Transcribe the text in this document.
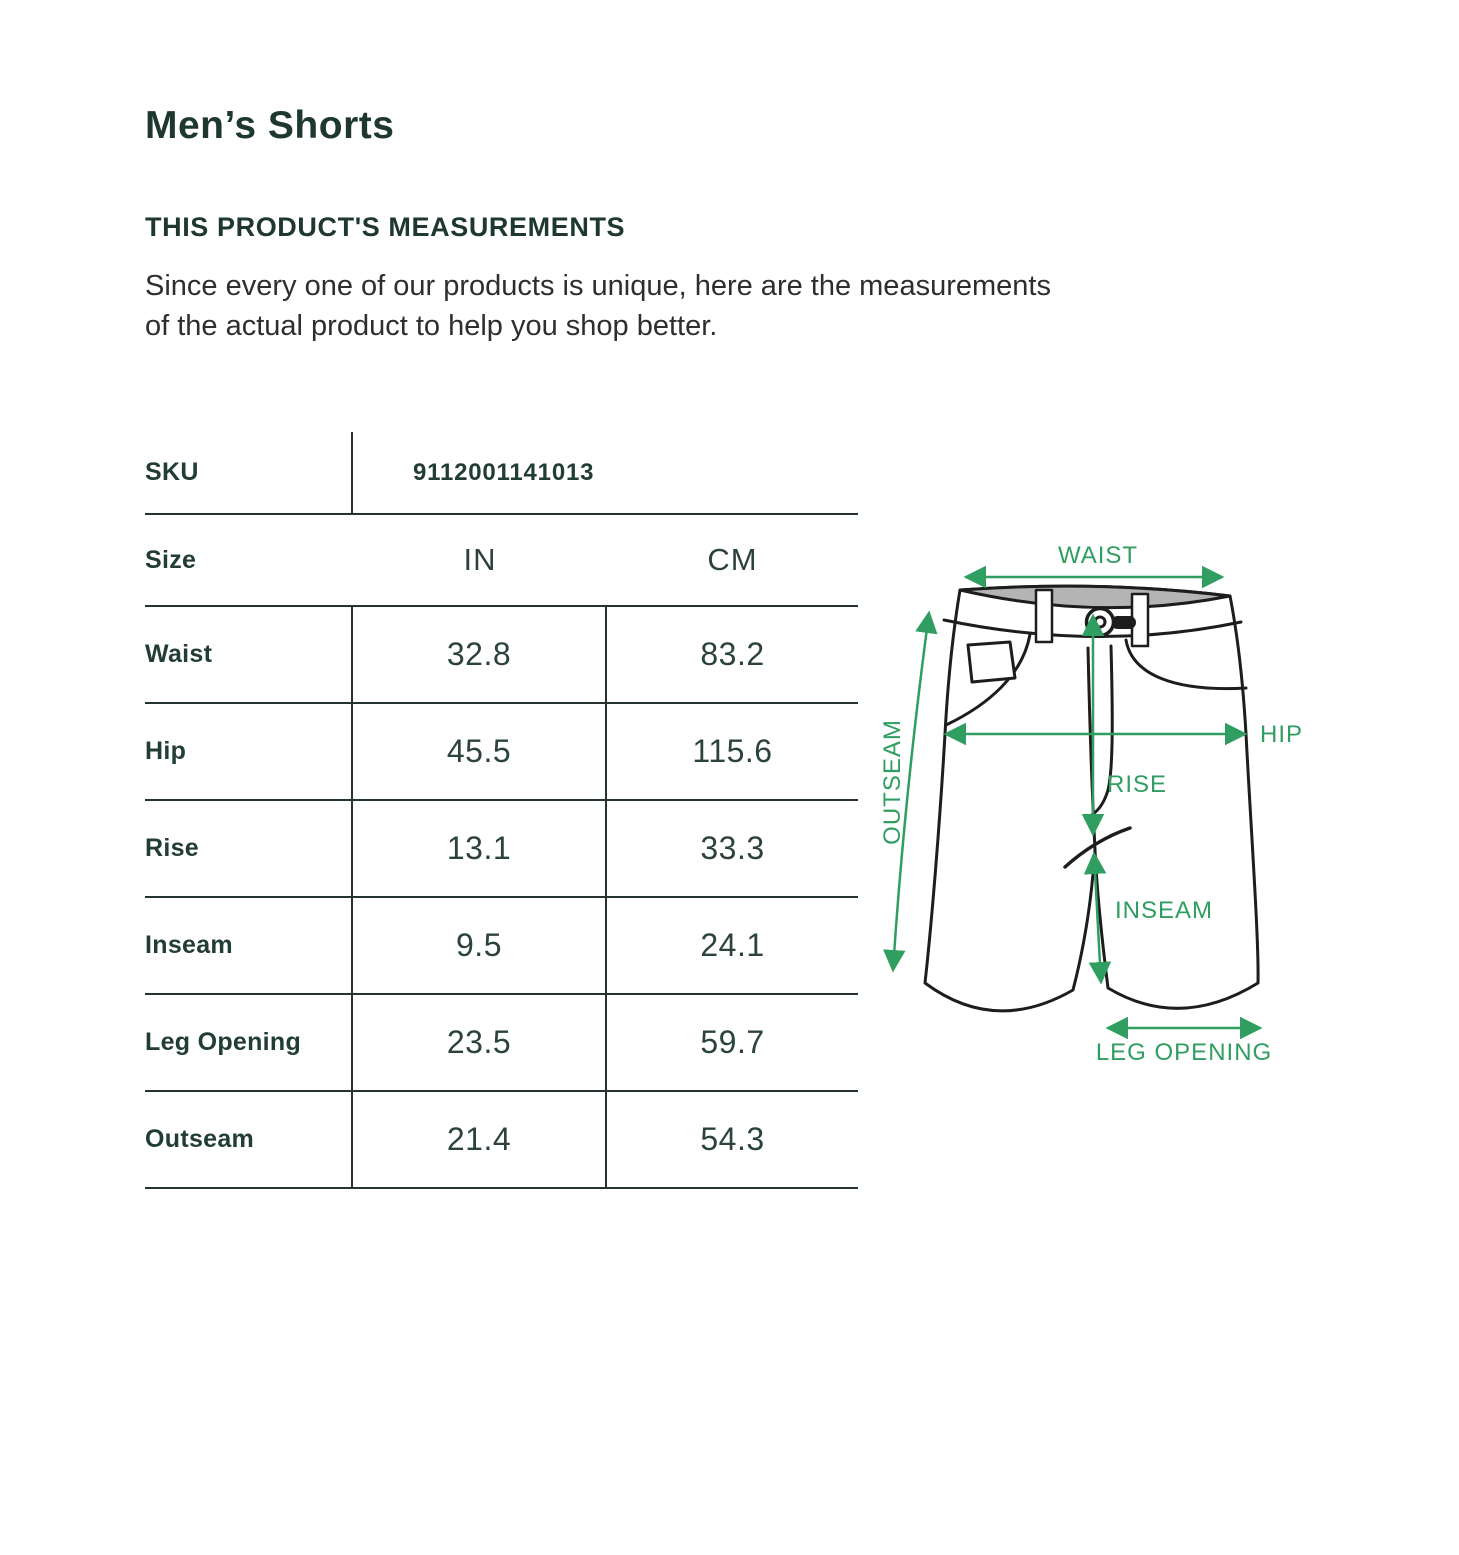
Men’s Shorts
THIS PRODUCT'S MEASUREMENTS

Since every one of our products is unique, here are the measurements
of the actual product to help you shop better.

SKU	9112001141013
Size	IN	CM
Waist	32.8	83.2
Hip	45.5	115.6
Rise	13.1	33.3
Inseam	9.5	24.1
Leg Opening	23.5	59.7
Outseam	21.4	54.3
WAIST
OUTSEAM	HIP
RISE
INSEAM
LEG OPENING
